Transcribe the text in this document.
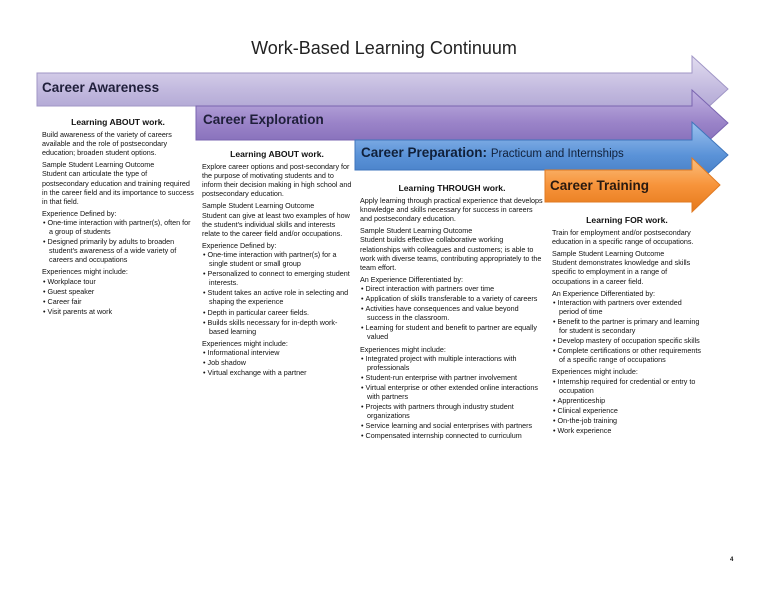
Work-Based Learning Continuum
Career Awareness
Career Exploration
Career Preparation: Practicum and Internships
Career Training
Learning ABOUT work.

Build awareness of the variety of careers available and the role of postsecondary education; broaden student options.

Sample Student Learning Outcome

Student can articulate the type of postsecondary education and training required in the career field and its importance to success in that field.

Experience Defined by:

• One-time interaction with partner(s), often for a group of students
• Designed primarily by adults to broaden student's awareness of a wide variety of careers and occupations

Experiences might include:

• Workplace tour
• Guest speaker
• Career fair
• Visit parents at work
Learning ABOUT work.

Explore career options and post-secondary for the purpose of motivating students and to inform their decision making in high school and postsecondary education.

Sample Student Learning Outcome

Student can give at least two examples of how the student's individual skills and interests relate to the career field and/or occupations.

Experience Defined by:

• One-time interaction with partner(s) for a single student or small group
• Personalized to connect to emerging student interests.
• Student takes an active role in selecting and shaping the experience
• Depth in particular career fields.
• Builds skills necessary for in-depth work-based learning

Experiences might include:

• Informational interview
• Job shadow
• Virtual exchange with a partner
Learning THROUGH work.

Apply learning through practical experience that develops knowledge and skills necessary for success in careers and postsecondary education.

Sample Student Learning Outcome

Student builds effective collaborative working relationships with colleagues and customers; is able to work with diverse teams, contributing appropriately to the team effort.

An Experience Differentiated by:

• Direct interaction with partners over time
• Application of skills transferable to a variety of careers
• Activities have consequences and value beyond success in the classroom.
• Learning for student and benefit to partner are equally valued

Experiences might include:

• Integrated project with multiple interactions with professionals
• Student-run enterprise with partner involvement
• Virtual enterprise or other extended online interactions with partners
• Projects with partners through industry student organizations
• Service learning and social enterprises with partners
• Compensated internship connected to curriculum
Learning FOR work.

Train for employment and/or postsecondary education in a specific range of occupations.

Sample Student Learning Outcome

Student demonstrates knowledge and skills specific to employment in a range of occupations in a career field.

An Experience Differentiated by:

• Interaction with partners over extended period of time
• Benefit to the partner is primary and learning for student is secondary
• Develop mastery of occupation specific skills
• Complete certifications or other requirements of a specific range of occupations

Experiences might include:

• Internship required for credential or entry to occupation
• Apprenticeship
• Clinical experience
• On-the-job training
• Work experience
4
